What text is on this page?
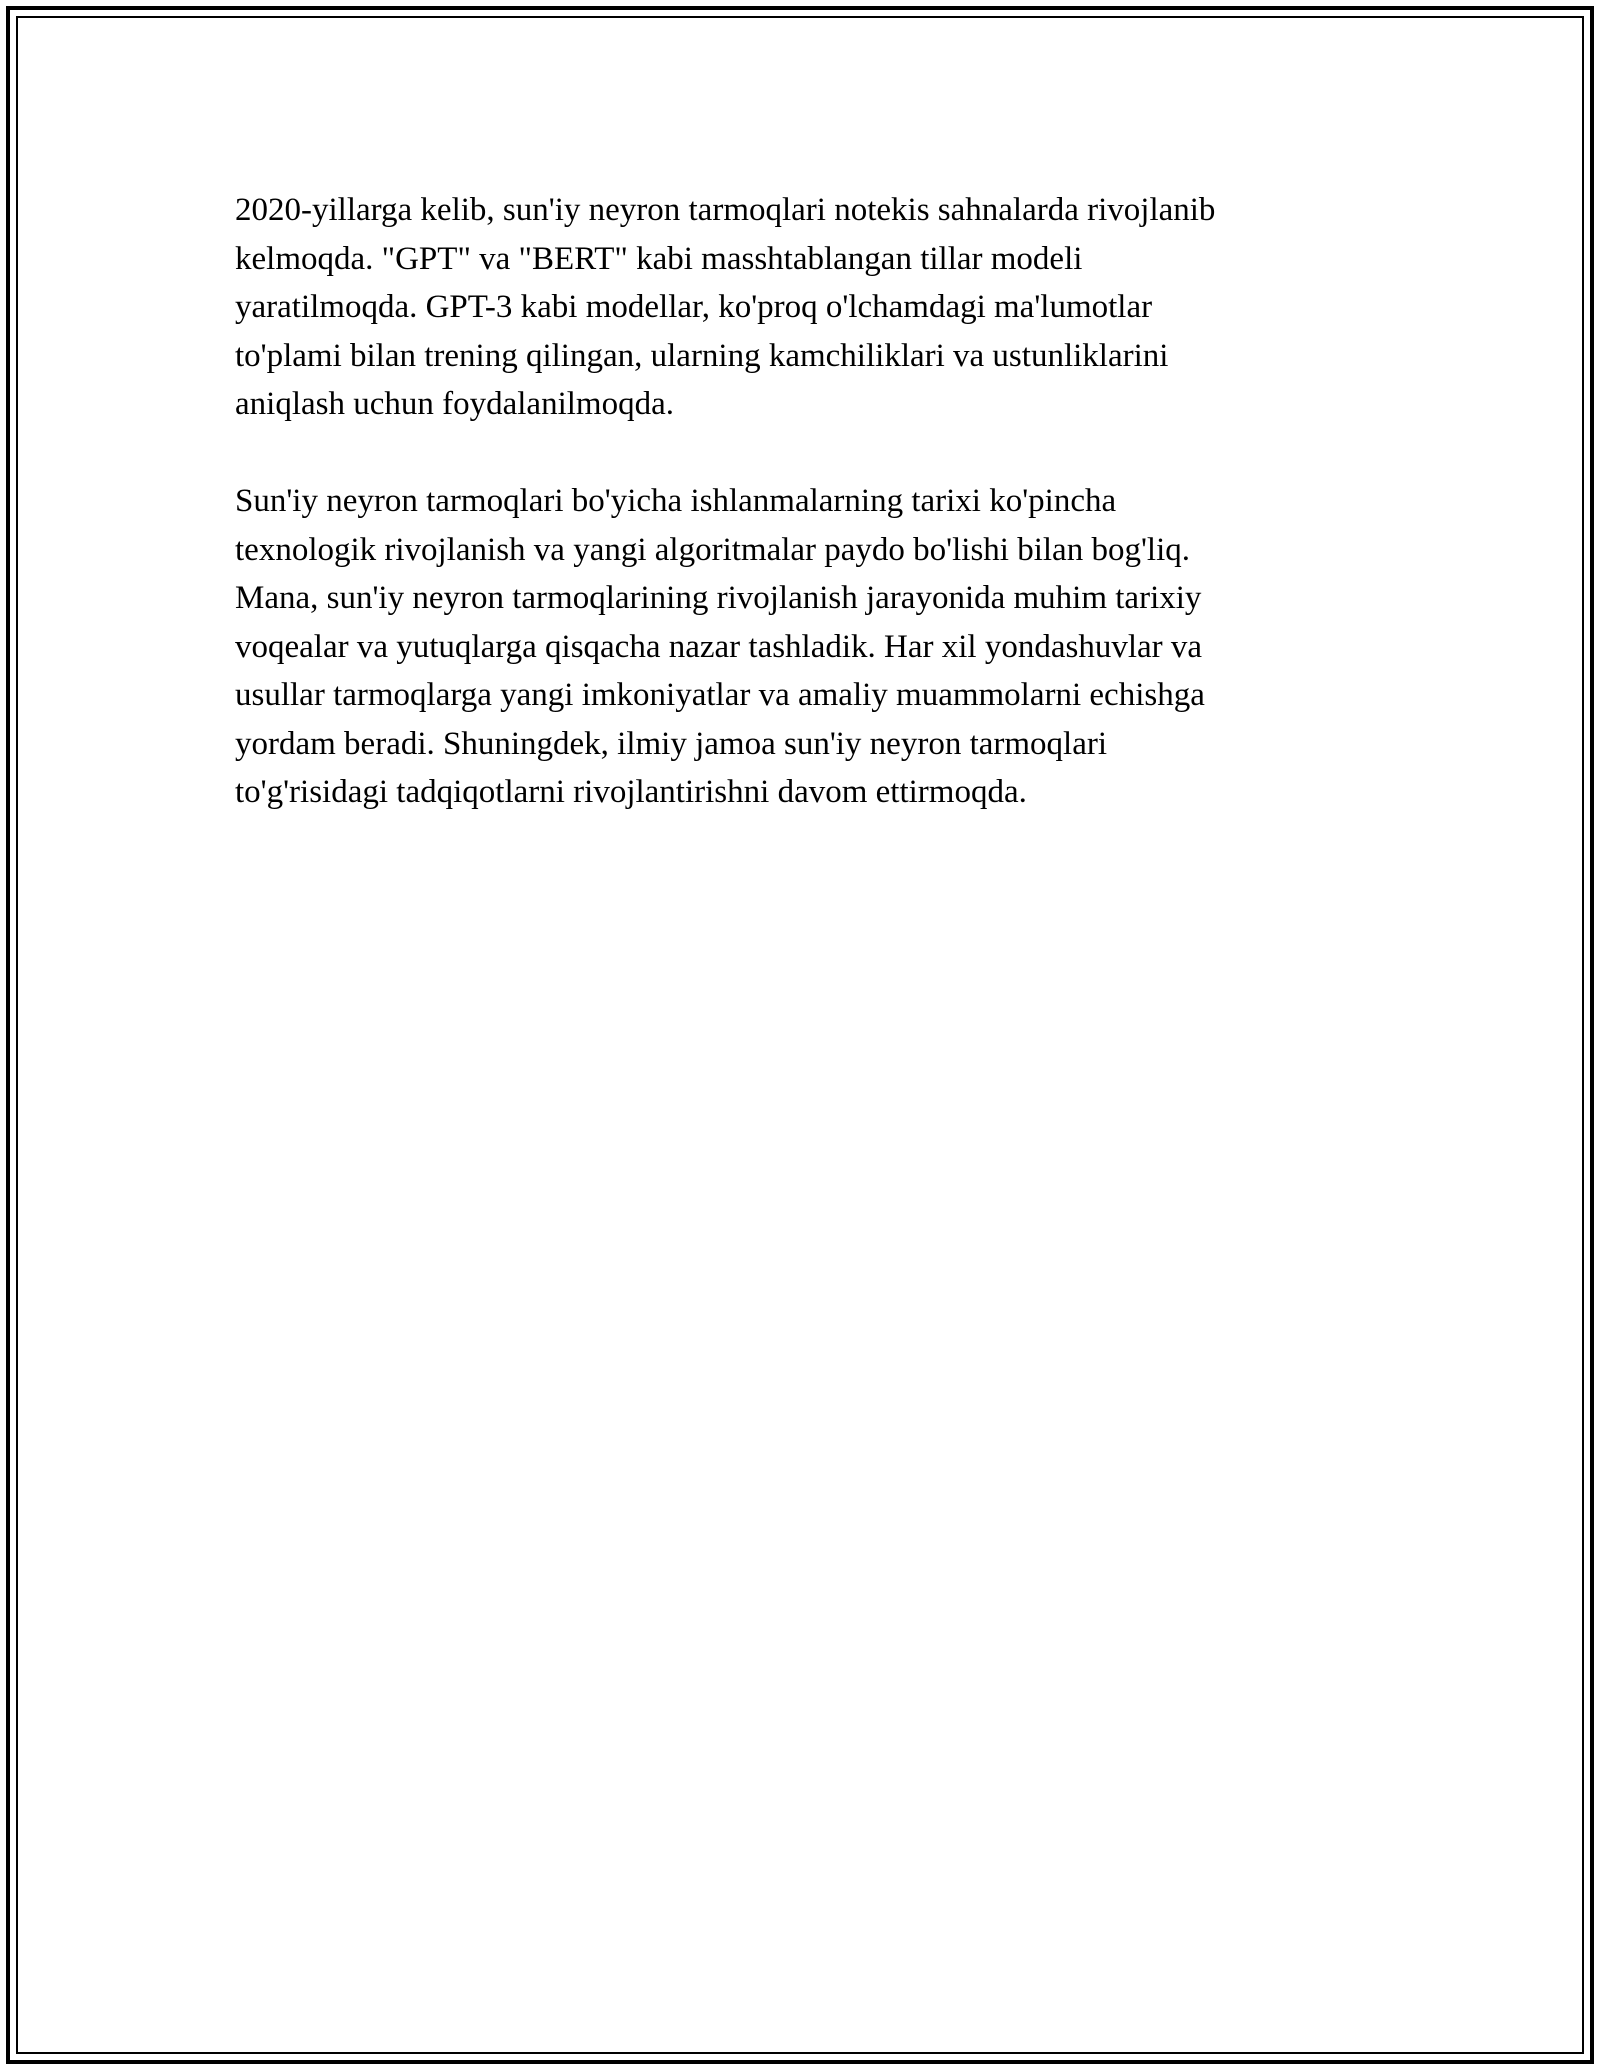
2020-yillarga kelib, sun'iy neyron tarmoqlari notekis sahnalarda rivojlanib
kelmoqda. "GPT" va "BERT" kabi masshtablangan tillar modeli
yaratilmoqda. GPT-3 kabi modellar, ko'proq o'lchamdagi ma'lumotlar
to'plami bilan trening qilingan, ularning kamchiliklari va ustunliklarini
aniqlash uchun foydalanilmoqda.

Sun'iy neyron tarmoqlari bo'yicha ishlanmalarning tarixi ko'pincha
texnologik rivojlanish va yangi algoritmalar paydo bo'lishi bilan bog'liq.
Mana, sun'iy neyron tarmoqlarining rivojlanish jarayonida muhim tarixiy
voqealar va yutuqlarga qisqacha nazar tashladik. Har xil yondashuvlar va
usullar tarmoqlarga yangi imkoniyatlar va amaliy muammolarni echishga
yordam beradi. Shuningdek, ilmiy jamoa sun'iy neyron tarmoqlari
to'g'risidagi tadqiqotlarni rivojlantirishni davom ettirmoqda.
